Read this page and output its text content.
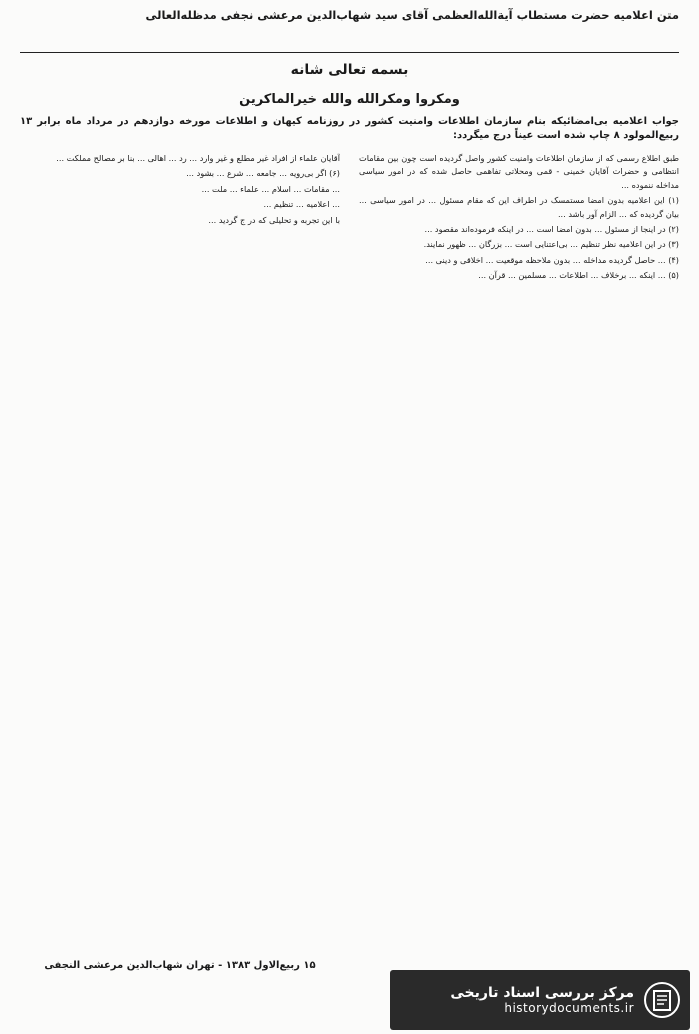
متن اعلامیه حضرت مستطاب آیة‌الله‌العظمی آقای سید شهاب‌الدین مرعشی نجفی مدظله‌العالی
بسمه تعالی شانه
ومکروا ومکرالله والله خیرالماکرین
جواب اعلامیه بی‌امضائیکه بنام سازمان اطلاعات وامنیت کشور در روزنامه کیهان و اطلاعات مورخه دوازدهم در مرداد ماه برابر ۱۳ ربیع‌المولود ۸ چاپ شده است عیناً درج میگردد:

طبق اطلاع رسمی که از سازمان اطلاعات وامنیت کشور واصل گردیده است چون بین مقامات انتظامی و حضرات آقایان خمینی - قمی ومحلاتی تفاهمی حاصل شده که در امور سیاسی مداخله ننموده ...

(۱) این اعلامیه بدون امضا مستمسک در اطراف این که مقام مسئول ... در امور سیاسی ... بیان گردیده که ... الزام آور باشد ...

(۲) در اینجا از مسئول ... بدون امضا است ... در اینکه فرموده‌اند مقصود ...

(۳) در این اعلامیه نظر تنظیم ... بی‌اعتنایی است ... بزرگان ... ظهور نمایند.

(۴) ... حاصل گردیده مداخله ... بدون ملاحظه موقعیت ... اخلاقی و دینی ...

(۵) ... اینکه ... برخلاف ... اطلاعات ... مسلمین ... قرآن ...

آقایان علماء از افراد غیر مطلع و غیر وارد ... رد ... اهالی ... بنا بر مصالح مملکت ...

(۶) اگر بی‌رویه ... جامعه ... شرع ... بشود ...

... مقامات ... اسلام ... علماء ... ملت ...

... اعلامیه ... تنظیم ...

با این تجربه و تحلیلی که در ج گردید ...

۱۵ ربیع‌الاول ۱۳۸۳ - تهران شهاب‌الدین مرعشی النجفی
مرکز بررسی اسناد تاریخی
historydocuments.ir
